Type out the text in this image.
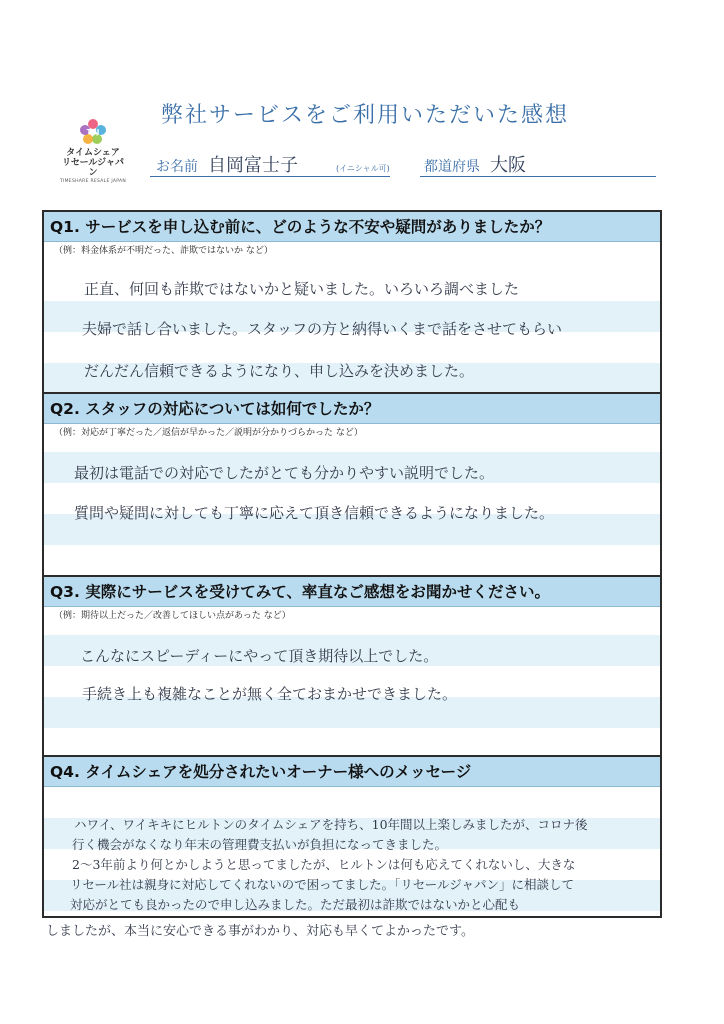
TRJ
タイムシェア
リセールジャパン
TIMESHARE RESALE JAPAN
弊社サービスをご利用いただいた感想
お名前 自岡富士子	(イニシャル可) 都道府県 大阪
Q1. サービスを申し込む前に、どのような不安や疑問がありましたか？
（例：料金体系が不明だった、詐欺ではないか など）
正直、何回も詐欺ではないかと疑いました。いろいろ調べました
夫婦で話し合いました。スタッフの方と納得いくまで話をさせてもらい
だんだん信頼できるようになり、申し込みを決めました。
Q2. スタッフの対応については如何でしたか？
（例：対応が丁寧だった／返信が早かった／説明が分かりづらかった など）
最初は電話での対応でしたがとても分かりやすい説明でした。
質問や疑問に対しても丁寧に応えて頂き信頼できるようになりました。
Q3. 実際にサービスを受けてみて、率直なご感想をお聞かせください。
（例：期待以上だった／改善してほしい点があった など）
こんなにスピーディーにやって頂き期待以上でした。
手続き上も複雑なことが無く全ておまかせできました。
Q4. タイムシェアを処分されたいオーナー様へのメッセージ
ハワイ、ワイキキにヒルトンのタイムシェアを持ち、10年間以上楽しみましたが、コロナ後
行く機会がなくなり年末の管理費支払いが負担になってきました。
2～3年前より何とかしようと思ってましたが、ヒルトンは何も応えてくれないし、大きな
リセール社は親身に対応してくれないので困ってました。「リセールジャパン」に相談して
対応がとても良かったので申し込みました。ただ最初は詐欺ではないかと心配も
しましたが、本当に安心できる事がわかり、対応も早くてよかったです。
